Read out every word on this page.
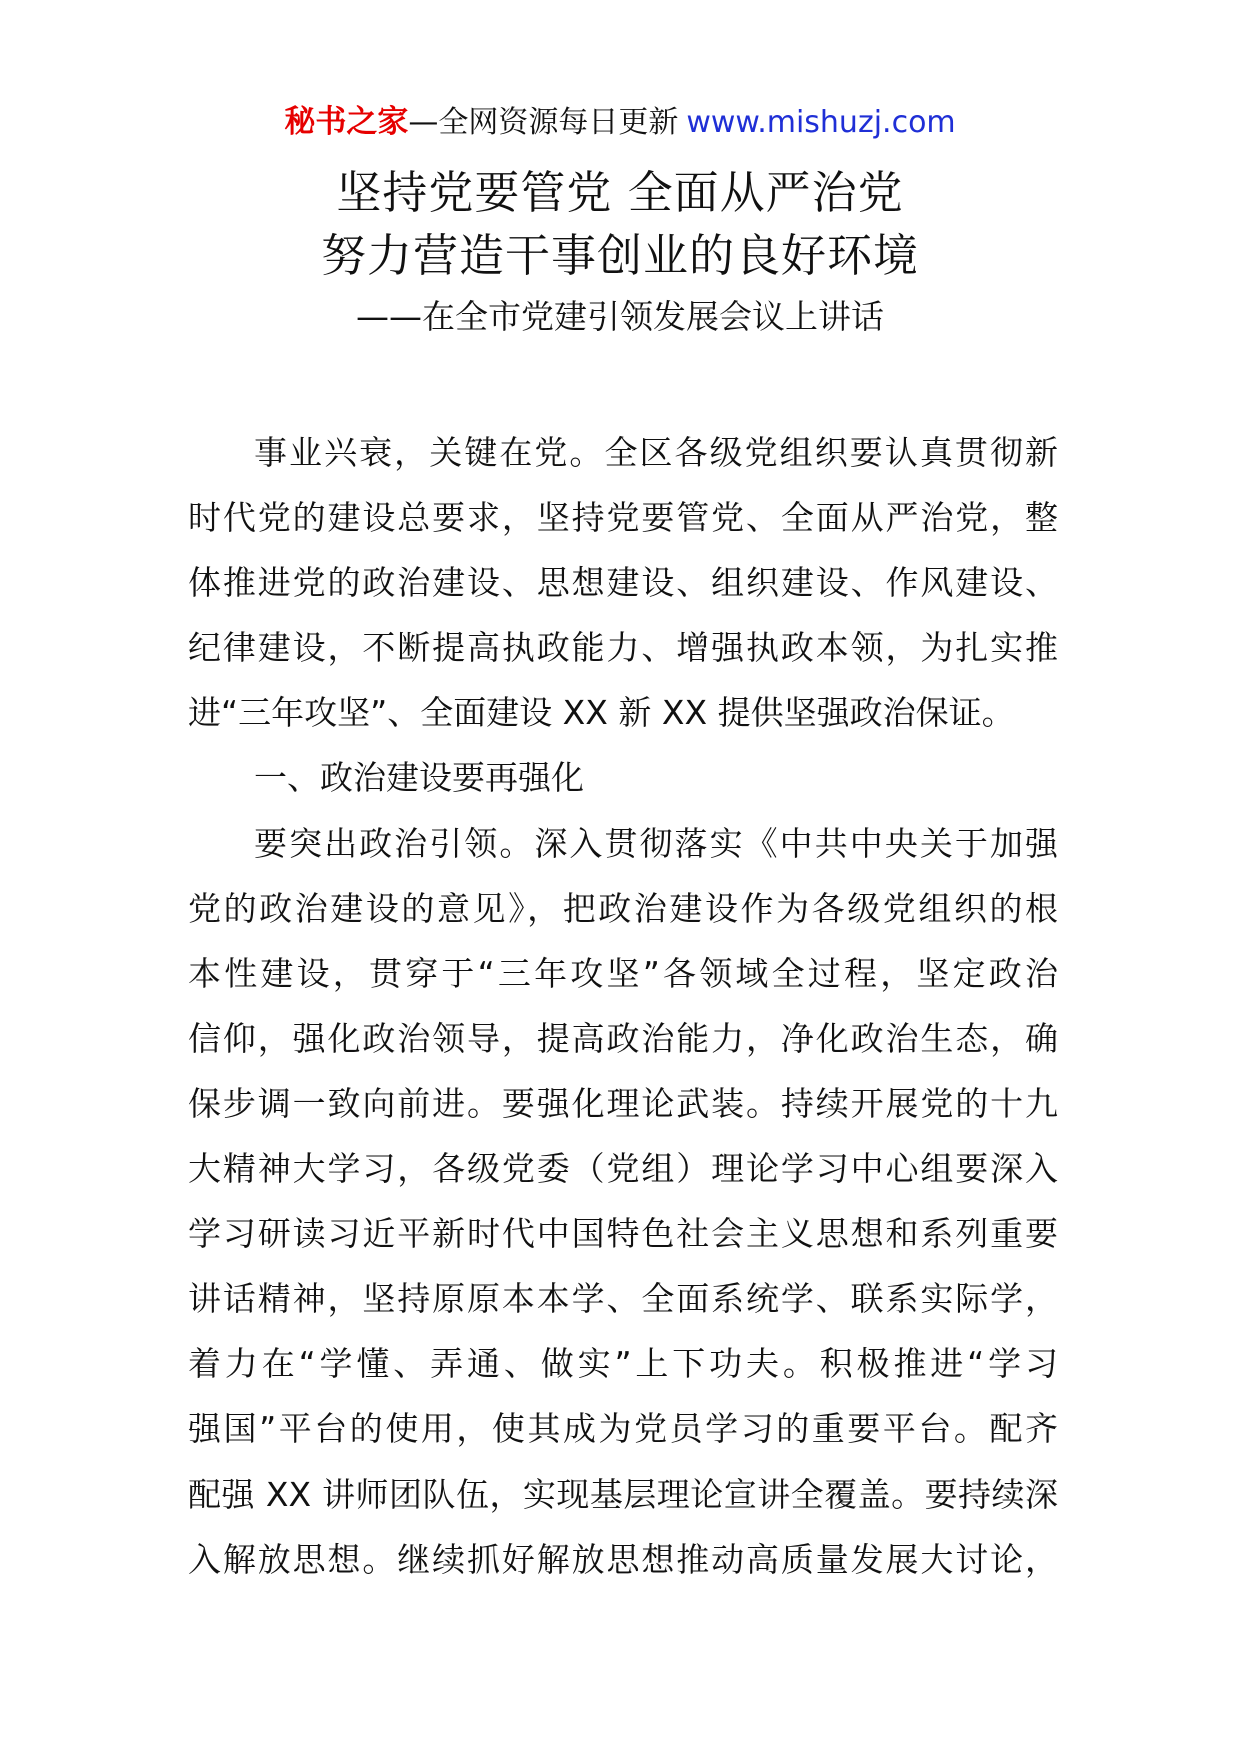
秘书之家—全网资源每日更新 www.mishuzj.com
坚持党要管党 全面从严治党
努力营造干事创业的良好环境
——在全市党建引领发展会议上讲话
事业兴衰，关键在党。全区各级党组织要认真贯彻新
时代党的建设总要求，坚持党要管党、全面从严治党，整
体推进党的政治建设、思想建设、组织建设、作风建设、
纪律建设，不断提高执政能力、增强执政本领，为扎实推
进“三年攻坚”、全面建设 XX 新 XX 提供坚强政治保证。
一、政治建设要再强化
要突出政治引领。深入贯彻落实《中共中央关于加强
党的政治建设的意见》，把政治建设作为各级党组织的根
本性建设，贯穿于“三年攻坚”各领域全过程，坚定政治
信仰，强化政治领导，提高政治能力，净化政治生态，确
保步调一致向前进。要强化理论武装。持续开展党的十九
大精神大学习，各级党委（党组）理论学习中心组要深入
学习研读习近平新时代中国特色社会主义思想和系列重要
讲话精神，坚持原原本本学、全面系统学、联系实际学，
着力在“学懂、弄通、做实”上下功夫。积极推进“学习
强国”平台的使用，使其成为党员学习的重要平台。配齐
配强 XX 讲师团队伍，实现基层理论宣讲全覆盖。要持续深
入解放思想。继续抓好解放思想推动高质量发展大讨论，
